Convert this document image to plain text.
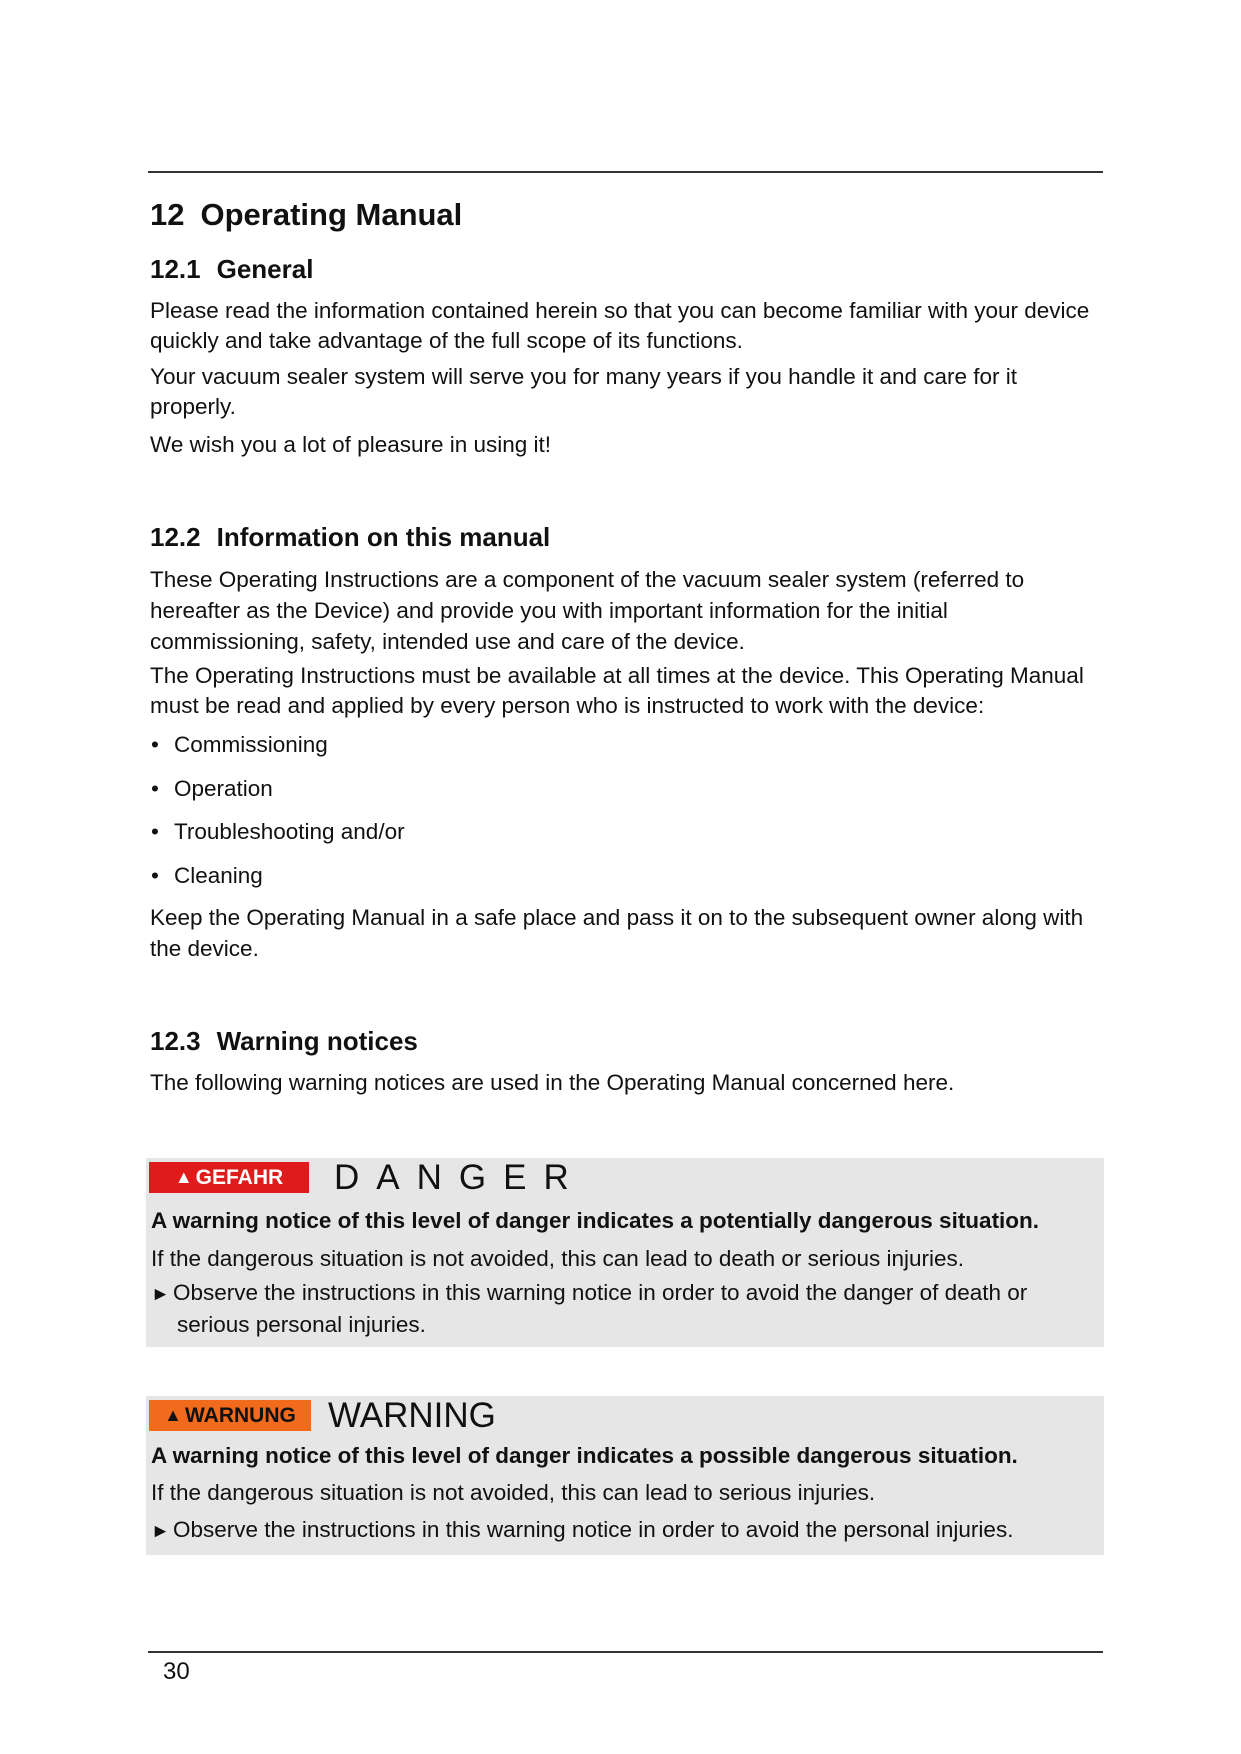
12 Operating Manual
12.1 General

Please read the information contained herein so that you can become familiar with your device quickly and take advantage of the full scope of its functions.

Your vacuum sealer system will serve you for many years if you handle it and care for it properly.

We wish you a lot of pleasure in using it!

12.2 Information on this manual

These Operating Instructions are a component of the vacuum sealer system (referred to hereafter as the Device) and provide you with important information for the initial commissioning, safety, intended use and care of the device.

The Operating Instructions must be available at all times at the device. This Operating Manual must be read and applied by every person who is instructed to work with the device:

• Commissioning
• Operation
• Troubleshooting and/or
• Cleaning

Keep the Operating Manual in a safe place and pass it on to the subsequent owner along with the device.

12.3 Warning notices

The following warning notices are used in the Operating Manual concerned here.

▲ GEFAHR DANGER
A warning notice of this level of danger indicates a potentially dangerous situation.
If the dangerous situation is not avoided, this can lead to death or serious injuries.
► Observe the instructions in this warning notice in order to avoid the danger of death or
serious personal injuries.
▲ WARNUNG WARNING
A warning notice of this level of danger indicates a possible dangerous situation.
If the dangerous situation is not avoided, this can lead to serious injuries.
► Observe the instructions in this warning notice in order to avoid the personal injuries.
30
